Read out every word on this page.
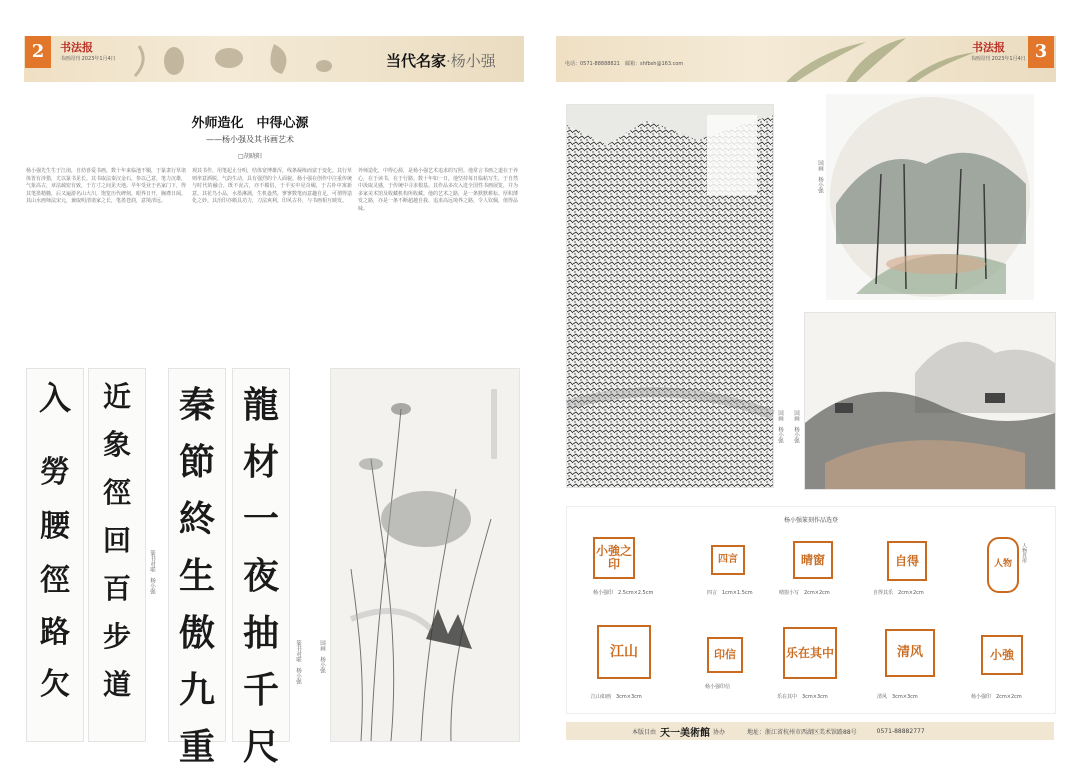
2	书法报
书画周刊 2023年1月4日	当代名家·杨小强
外师造化　中得心源
——杨小强及其书画艺术
□胡晓阳
杨小强先生生于江南，自幼喜爱书画，数十年来临池不辍，于篆隶行草诸体皆有涉猎，尤以篆书见长。其书取法秦汉金石，参以己意，笔力沉雄，气象高古，章法疏密有致，于方寸之间见天地。早年受业于名家门下，得其笔墨精髓，后又遍游名山大川，饱览历代碑刻，眼界日开，胸襟日阔。其山水画师法宋元，兼取明清诸家之长，笔墨苍润，意境清远。
观其书作，用笔起止分明，结体宽博雄浑，线条凝练而富于变化。其行草则率意洒脱，气韵生动，具有强烈的个人面貌。杨小强在创作中注重传统与时代的融合，既不泥古，亦不媚俗，于平实中见奇崛，于古朴中寓新意。其花鸟小品，水墨淋漓，生机盎然，寥寥数笔而意趣自足，可谓得造化之妙。其治印亦颇具功力，刀法爽利，印风古朴，与书画相互映发。
外师造化，中得心源，是杨小强艺术追求的写照。他常言书画之道在于养心，在于读书，在于行路。数十年如一日，他坚持每日临帖写生，于自然中汲取灵感，于传统中寻求根基。其作品多次入选全国性书画展览，并为多家美术馆及收藏机构所收藏。他的艺术之路，是一条默默耕耘、厚积薄发之路，亦是一条不断超越自我、追求高远境界之路，令人钦佩，值得品味。
入
勞
腰
徑
路
欠
近
象
徑
回
百
步
道
篆书对联　杨小强
秦
節
終
生
傲
九
重
龍
材
一
夜
抽
千
尺
篆书对联　杨小强	国画　杨小强
电话：0571-88888821　邮箱：shfbsh@163.com
书法报
书画周刊 2023年1月4日 3
国画　杨小强
国画　杨小强
国画　杨小强
杨小强篆刻作品选登
小強之印
杨小强印　2.5cm×2.5cm
四言
四言　1cm×1.5cm
晴窗
晴窗小写　2cm×2cm
自得
自得其乐　2cm×2cm
人物
人物肖形
江山
江山如画　3cm×3cm
印信
杨小强印信
乐在其中
乐在其中　3cm×3cm
清风
清风　3cm×3cm
小強
杨小强印　2cm×2cm
本版目由 天一美術館 协办	地址：浙江省杭州市西湖区美术馆路88号	0571-88882777
